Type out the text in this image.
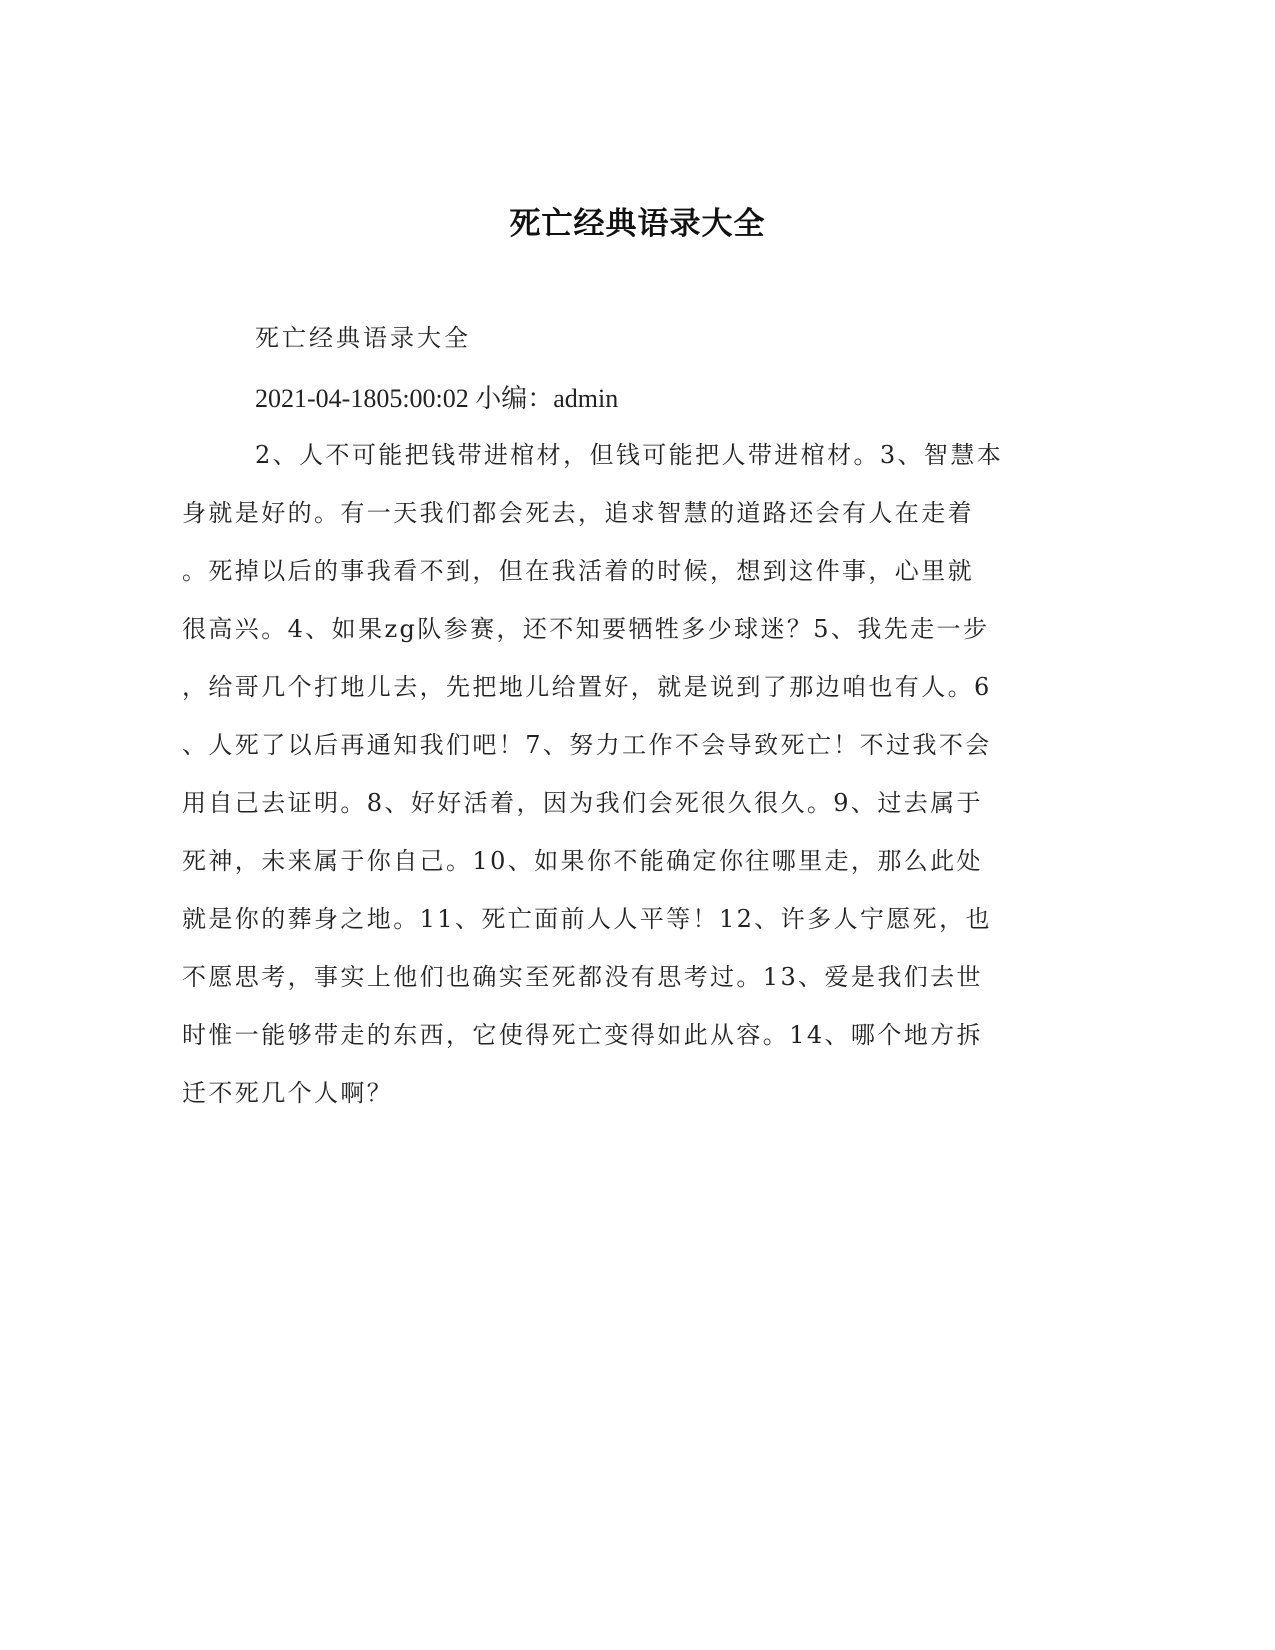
死亡经典语录大全

死亡经典语录大全

2021-04-1805:00:02 小编：admin

2、人不可能把钱带进棺材，但钱可能把人带进棺材。3、智慧本

身就是好的。有一天我们都会死去，追求智慧的道路还会有人在走着

。死掉以后的事我看不到，但在我活着的时候，想到这件事，心里就

很高兴。4、如果zg队参赛，还不知要牺牲多少球迷？5、我先走一步

，给哥几个打地儿去，先把地儿给置好，就是说到了那边咱也有人。6

、人死了以后再通知我们吧！7、努力工作不会导致死亡！不过我不会

用自己去证明。8、好好活着，因为我们会死很久很久。9、过去属于

死神，未来属于你自己。10、如果你不能确定你往哪里走，那么此处

就是你的葬身之地。11、死亡面前人人平等！12、许多人宁愿死，也

不愿思考，事实上他们也确实至死都没有思考过。13、爱是我们去世

时惟一能够带走的东西，它使得死亡变得如此从容。14、哪个地方拆

迁不死几个人啊？
